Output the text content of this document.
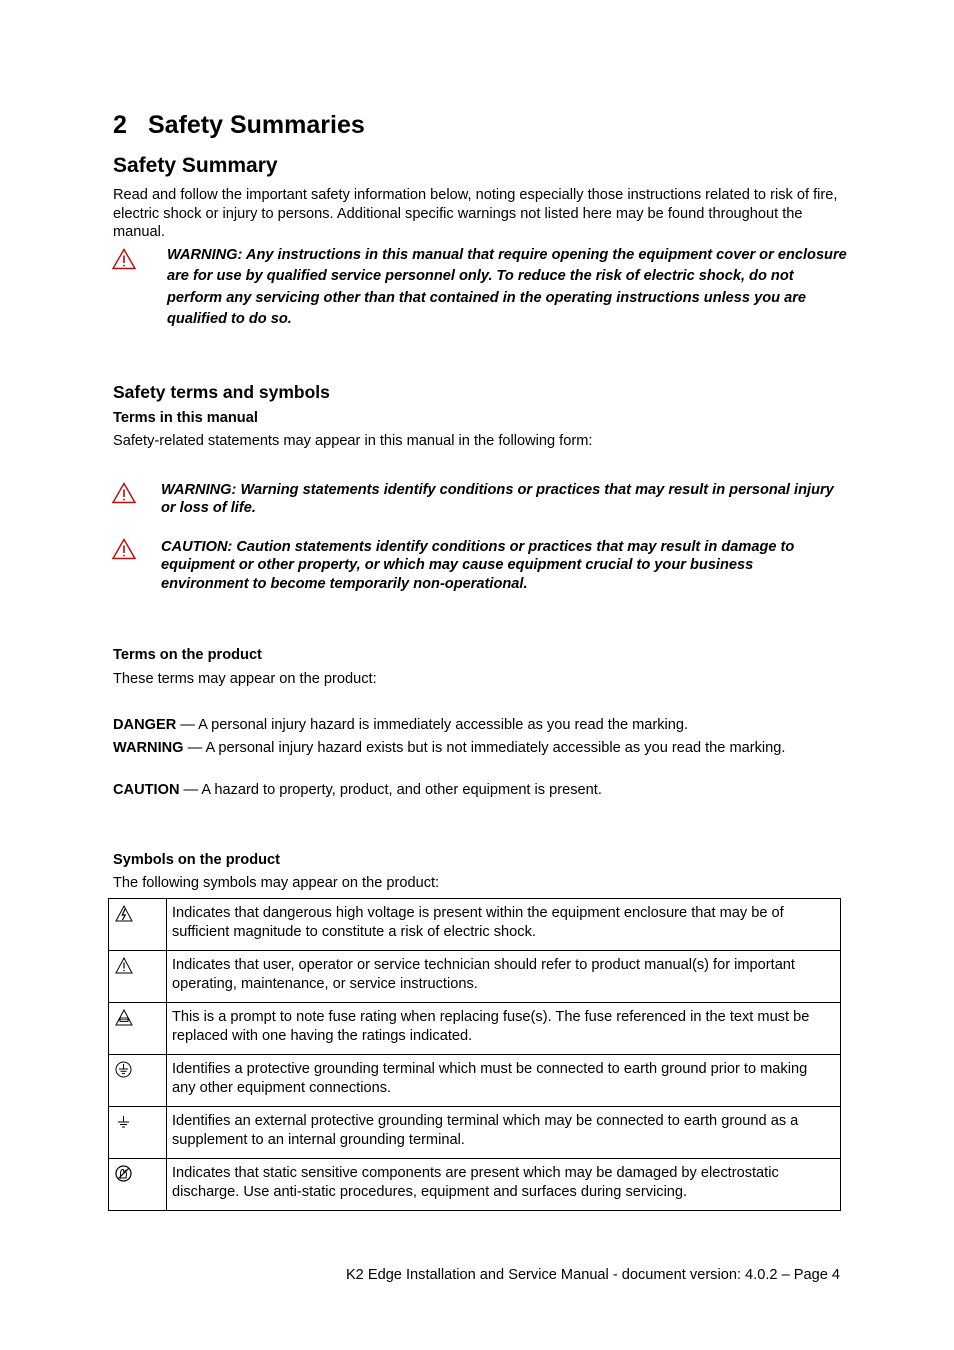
2 Safety Summaries
Safety Summary

Read and follow the important safety information below, noting especially those instructions related to risk of fire, electric shock or injury to persons. Additional specific warnings not listed here may be found throughout the manual.

WARNING: Any instructions in this manual that require opening the equipment cover or enclosure are for use by qualified service personnel only. To reduce the risk of electric shock, do not perform any servicing other than that contained in the operating instructions unless you are qualified to do so.

Safety terms and symbols
Terms in this manual

Safety-related statements may appear in this manual in the following form:

WARNING: Warning statements identify conditions or practices that may result in personal injury or loss of life.

CAUTION: Caution statements identify conditions or practices that may result in damage to equipment or other property, or which may cause equipment crucial to your business environment to become temporarily non-operational.

Terms on the product

These terms may appear on the product:

DANGER — A personal injury hazard is immediately accessible as you read the marking.

WARNING — A personal injury hazard exists but is not immediately accessible as you read the marking.

CAUTION — A hazard to property, product, and other equipment is present.

Symbols on the product

The following symbols may appear on the product:

	Indicates that dangerous high voltage is present within the equipment enclosure that may be of sufficient magnitude to constitute a risk of electric shock.
	Indicates that user, operator or service technician should refer to product manual(s) for important operating, maintenance, or service instructions.
	This is a prompt to note fuse rating when replacing fuse(s). The fuse referenced in the text must be replaced with one having the ratings indicated.
	Identifies a protective grounding terminal which must be connected to earth ground prior to making any other equipment connections.
	Identifies an external protective grounding terminal which may be connected to earth ground as a supplement to an internal grounding terminal.
	Indicates that static sensitive components are present which may be damaged by electrostatic discharge. Use anti-static procedures, equipment and surfaces during servicing.

K2 Edge Installation and Service Manual - document version: 4.0.2 – Page 4
